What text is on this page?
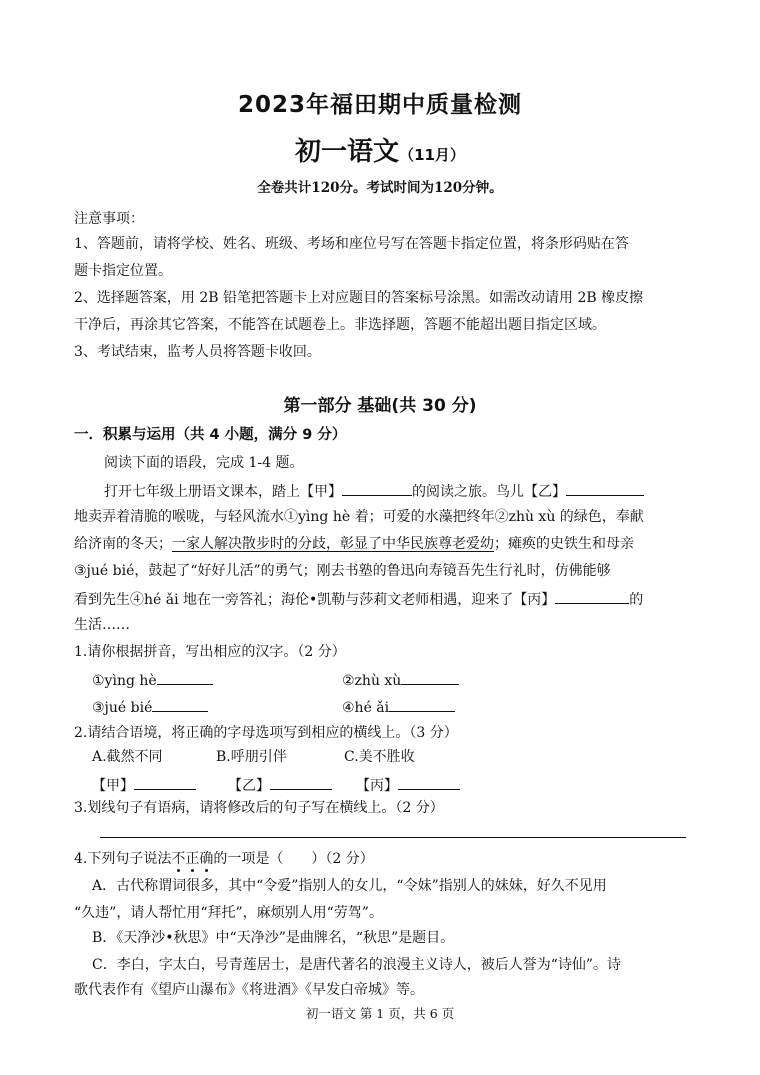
2023年福田期中质量检测
初一语文（11月）
全卷共计120分。考试时间为120分钟。
注意事项：
1、答题前，请将学校、姓名、班级、考场和座位号写在答题卡指定位置，将条形码贴在答
题卡指定位置。
2、选择题答案，用 2B 铅笔把答题卡上对应题目的答案标号涂黑。如需改动请用 2B 橡皮擦
干净后，再涂其它答案，不能答在试题卷上。非选择题，答题不能超出题目指定区域。
3、考试结束，监考人员将答题卡收回。
第一部分 基础(共 30 分)
一．积累与运用（共 4 小题，满分 9 分）
阅读下面的语段，完成 1-4 题。
打开七年级上册语文课本，踏上【甲】	的阅读之旅。鸟儿【乙】
地卖弄着清脆的喉咙，与轻风流水①yìng hè 着；可爱的水藻把终年②zhù xù 的绿色，奉献
给济南的冬天；一家人解决散步时的分歧，彰显了中华民族尊老爱幼；瘫痪的史铁生和母亲
③jué bié，鼓起了“好好儿活”的勇气；刚去书塾的鲁迅向寿镜吾先生行礼时，仿佛能够
看到先生④hé ǎi 地在一旁答礼；海伦•凯勒与莎莉文老师相遇，迎来了【丙】	的
生活……
1.请你根据拼音，写出相应的汉字。（2 分）
①yìng hè	②zhù xù
③jué bié	④hé ǎi
2.请结合语境，将正确的字母选项写到相应的横线上。（3 分）
A.截然不同	B.呼朋引伴	C.美不胜收
【甲】	【乙】	【丙】
3.划线句子有语病，请将修改后的句子写在横线上。（2 分）
4.下列句子说法不正确的一项是（　　）（2 分）
A．古代称谓词很多，其中“令爱”指别人的女儿，“令妹”指别人的妹妹，好久不见用
“久违”，请人帮忙用“拜托”，麻烦别人用“劳驾”。
B．《天净沙•秋思》中“天净沙”是曲牌名，“秋思”是题目。
C．李白，字太白，号青莲居士，是唐代著名的浪漫主义诗人，被后人誉为“诗仙”。诗
歌代表作有《望庐山瀑布》《将进酒》《早发白帝城》等。
初一语文 第 1 页，共 6 页
